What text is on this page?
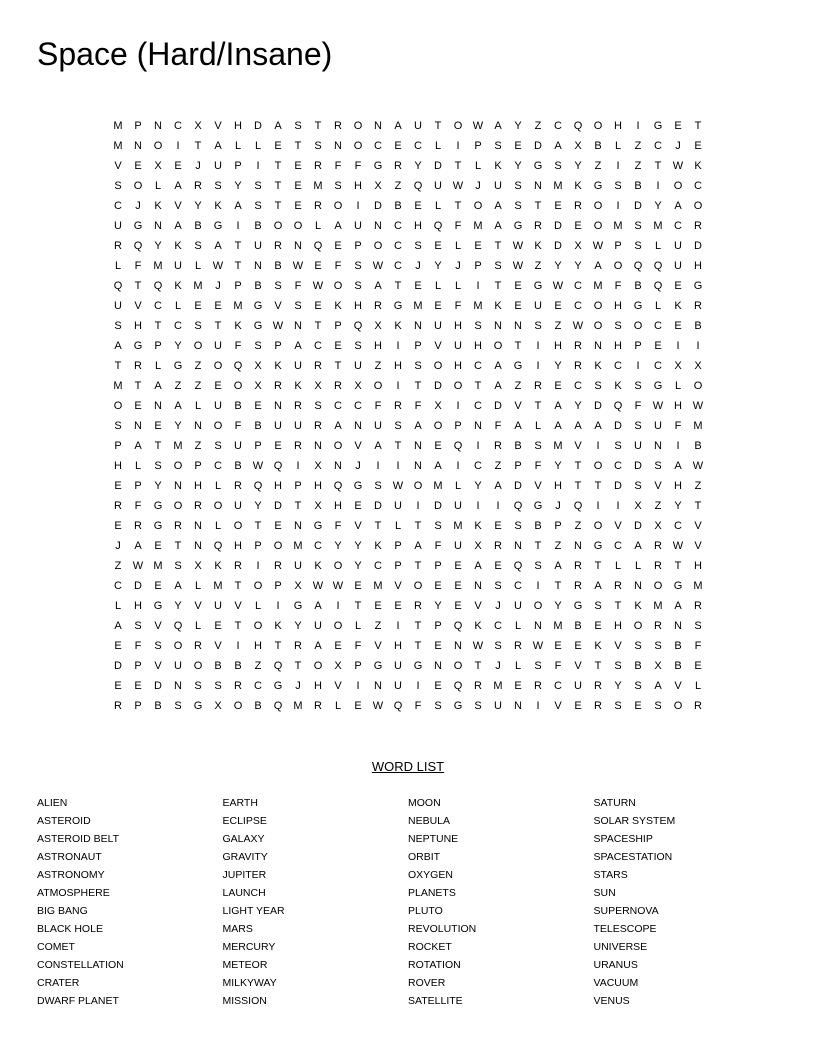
Space (Hard/Insane)
M	P	N	C	X	V	H	D	A	S	T	R	O	N	A	U	T	O W	A	Y	Z	C	Q	O	H	I	G	E	T
M	N	O	I	T	A	L	L	E	T	S	N	O	C	E	C	L	I	P	S	E	D	A	X	B	L	Z	C	J	E
V	E	X	E	J	U	P	I	T	E	R	F	F	G	R	Y	D	T	L	K	Y	G	S	Y	Z	I	Z	T	W	K
S	O	L	A	R	S	Y	S	T	E	M	S	H	X	Z	Q	U W	J	U	S	N	M	K	G	S	B	I	O	C
C	J	K	V	Y	K	A	S	T	E	R	O	I	D	B	E	L	T	O	A	S	T	E	R	O	I	D	Y	A	O
U	G	N	A	B	G	I	B	O	O	L	A	U	N	C	H	Q	F	M	A	G	R	D	E	O	M	S	M	C	R
R	Q	Y	K	S	A	T	U	R	N	Q	E	P	O	C	S	E	L	E	T	W	K	D	X	W	P	S	L	U	D
L	F	M	U	L	W	T	N	B	W	E	F	S	W C	J	Y	J	P	S	W	Z	Y	Y	A	O	Q	Q	U	H
Q	T	Q	K	M	J	P	B	S	F	W O	S	A	T	E	L	L	I	T	E	G W C	M	F	B	Q	E	G
U	V	C	L	E	E	M	G	V	S	E	K	H	R	G	M	E	F	M	K	E	U	E	C	O	H	G	L	K	R
S	H	T	C	S	T	K	G W N	T	P	Q	X	K	N	U	H	S	N	N	S	Z	W O	S	O	C	E	B
A	G	P	Y	O	U	F	S	P	A	C	E	S	H	I	P	V	U	H	O	T	I	H	R	N	H	P	E	I	I
T	R	L	G	Z	O	Q	X	K	U	R	T	U	Z	H	S	O	H	C	A	G	I	Y	R	K	C	I	C	X	X
M	T	A	Z	Z	E	O	X	R	K	X	R	X	O	I	T	D	O	T	A	Z	R	E	C	S	K	S	G	L	O
O	E	N	A	L	U	B	E	N	R	S	C	C	F	R	F	X	I	C	D	V	T	A	Y	D	Q	F	W H W
S	N	E	Y	N	O	F	B	U	U	R	A	N	U	S	A	O	P	N	F	A	L	A	A	A	D	S	U	F	M
P	A	T	M	Z	S	U	P	E	R	N	O	V	A	T	N	E	Q	I	R	B	S	M	V	I	S	U	N	I	B
H	L	S	O	P	C	B	W Q	I	X	N	J	I	I	N	A	I	C	Z	P	F	Y	T	O	C	D	S	A	W
E	P	Y	N	H	L	R	Q	H	P	H	Q	G	S	W O	M	L	Y	A	D	V	H	T	T	D	S	V	H	Z
R	F	G	O	R	O	U	Y	D	T	X	H	E	D	U	I	D	U	I	I	Q	G	J	Q	I	I	X	Z	Y	T
E	R	G	R	N	L	O	T	E	N	G	F	V	T	L	T	S	M	K	E	S	B	P	Z	O	V	D	X	C	V
J	A	E	T	N	Q	H	P	O	M	C	Y	Y	K	P	A	F	U	X	R	N	T	Z	N	G	C	A	R W	V
Z	W M	S	X	K	R	I	R	U	K	O	Y	C	P	T	P	E	A	E	Q	S	A	R	T	L	L	R	T	H
C	D	E	A	L	M	T	O	P	X	W W	E	M	V	O	E	E	N	S	C	I	T	R	A	R	N	O	G	M
L	H	G	Y	V	U	V	L	I	G	A	I	T	E	E	R	Y	E	V	J	U	O	Y	G	S	T	K	M	A	R
A	S	V	Q	L	E	T	O	K	Y	U	O	L	Z	I	T	P	Q	K	C	L	N	M	B	E	H	O	R	N	S
E	F	S	O	R	V	I	H	T	R	A	E	F	V	H	T	E	N W	S	R W	E	E	K	V	S	S	B	F
D	P	V	U	O	B	B	Z	Q	T	O	X	P	G	U	G	N	O	T	J	L	S	F	V	T	S	B	X	B	E
E	E	D	N	S	S	R	C	G	J	H	V	I	N	U	I	E	Q	R	M	E	R	C	U	R	Y	S	A	V	L
R	P	B	S	G	X	O	B	Q	M	R	L	E	W Q	F	S	G	S	U	N	I	V	E	R	S	E	S	O	R
WORD LIST
ALIEN
ASTEROID
ASTEROID BELT
ASTRONAUT
ASTRONOMY
ATMOSPHERE
BIG BANG
BLACK HOLE
COMET
CONSTELLATION
CRATER
DWARF PLANET
EARTH
ECLIPSE
GALAXY
GRAVITY
JUPITER
LAUNCH
LIGHT YEAR
MARS
MERCURY
METEOR
MILKYWAY
MISSION
MOON
NEBULA
NEPTUNE
ORBIT
OXYGEN
PLANETS
PLUTO
REVOLUTION
ROCKET
ROTATION
ROVER
SATELLITE
SATURN
SOLAR SYSTEM
SPACESHIP
SPACESTATION
STARS
SUN
SUPERNOVA
TELESCOPE
UNIVERSE
URANUS
VACUUM
VENUS
